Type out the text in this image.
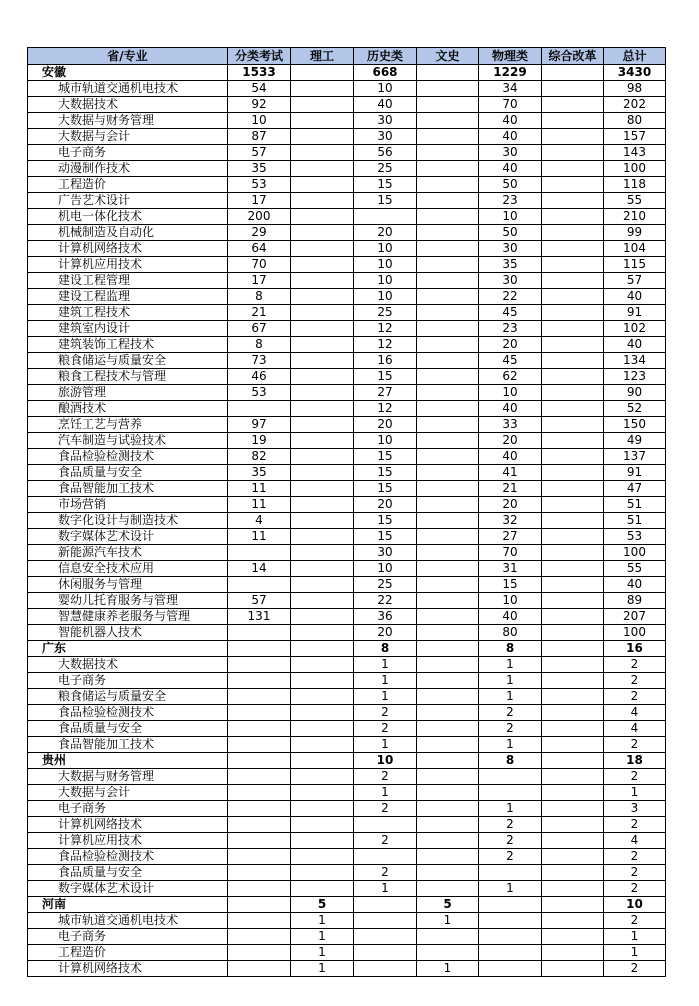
省/专业	分类考试	理工	历史类	文史	物理类	综合改革	总计
安徽	1533		668		1229		3430
城市轨道交通机电技术	54		10		34		98
大数据技术	92		40		70		202
大数据与财务管理	10		30		40		80
大数据与会计	87		30		40		157
电子商务	57		56		30		143
动漫制作技术	35		25		40		100
工程造价	53		15		50		118
广告艺术设计	17		15		23		55
机电一体化技术	200				10		210
机械制造及自动化	29		20		50		99
计算机网络技术	64		10		30		104
计算机应用技术	70		10		35		115
建设工程管理	17		10		30		57
建设工程监理	8		10		22		40
建筑工程技术	21		25		45		91
建筑室内设计	67		12		23		102
建筑装饰工程技术	8		12		20		40
粮食储运与质量安全	73		16		45		134
粮食工程技术与管理	46		15		62		123
旅游管理	53		27		10		90
酿酒技术			12		40		52
烹饪工艺与营养	97		20		33		150
汽车制造与试验技术	19		10		20		49
食品检验检测技术	82		15		40		137
食品质量与安全	35		15		41		91
食品智能加工技术	11		15		21		47
市场营销	11		20		20		51
数字化设计与制造技术	4		15		32		51
数字媒体艺术设计	11		15		27		53
新能源汽车技术			30		70		100
信息安全技术应用	14		10		31		55
休闲服务与管理			25		15		40
婴幼儿托育服务与管理	57		22		10		89
智慧健康养老服务与管理	131		36		40		207
智能机器人技术			20		80		100
广东			8		8		16
大数据技术			1		1		2
电子商务			1		1		2
粮食储运与质量安全			1		1		2
食品检验检测技术			2		2		4
食品质量与安全			2		2		4
食品智能加工技术			1		1		2
贵州			10		8		18
大数据与财务管理			2				2
大数据与会计			1				1
电子商务			2		1		3
计算机网络技术					2		2
计算机应用技术			2		2		4
食品检验检测技术					2		2
食品质量与安全			2				2
数字媒体艺术设计			1		1		2
河南		5		5			10
城市轨道交通机电技术		1		1			2
电子商务		1					1
工程造价		1					1
计算机网络技术		1		1			2
